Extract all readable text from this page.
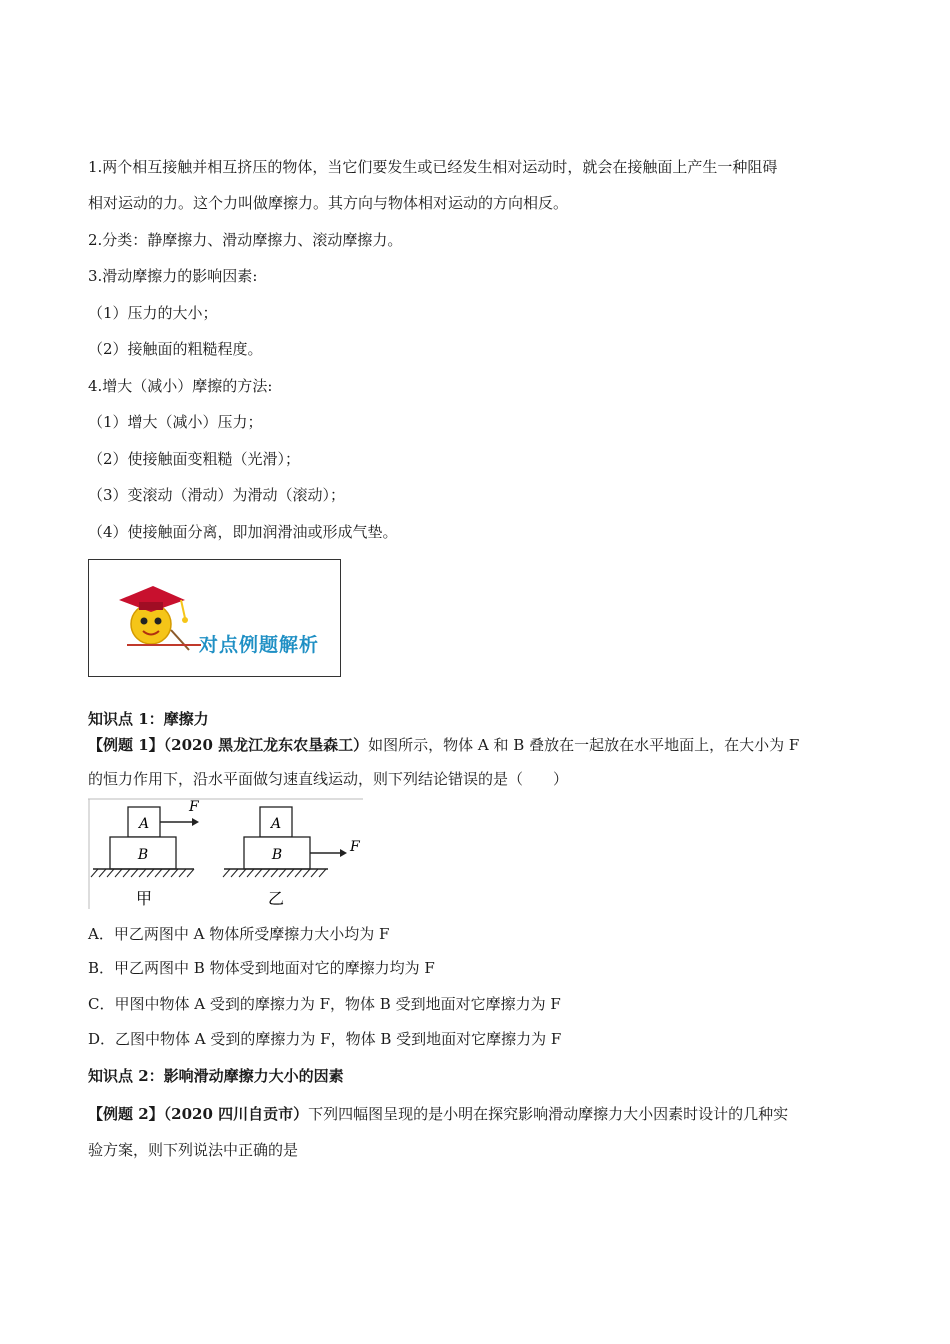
1.两个相互接触并相互挤压的物体，当它们要发生或已经发生相对运动时，就会在接触面上产生一种阻碍
相对运动的力。这个力叫做摩擦力。其方向与物体相对运动的方向相反。
2.分类：静摩擦力、滑动摩擦力、滚动摩擦力。
3.滑动摩擦力的影响因素:
（1）压力的大小；
（2）接触面的粗糙程度。
4.增大（减小）摩擦的方法:
（1）增大（减小）压力；
（2）使接触面变粗糙（光滑）；
（3）变滚动（滑动）为滑动（滚动）；
（4）使接触面分离，即加润滑油或形成气垫。
对点例题解析
知识点 1：摩擦力
【例题 1】（2020 黑龙江龙东农垦森工）如图所示，物体 A 和 B 叠放在一起放在水平地面上，在大小为 F
的恒力作用下，沿水平面做匀速直线运动，则下列结论错误的是（　　）
A
B
F
甲
A
B	F
乙
A．甲乙两图中 A 物体所受摩擦力大小均为 F
B．甲乙两图中 B 物体受到地面对它的摩擦力均为 F
C．甲图中物体 A 受到的摩擦力为 F，物体 B 受到地面对它摩擦力为 F
D．乙图中物体 A 受到的摩擦力为 F，物体 B 受到地面对它摩擦力为 F
知识点 2：影响滑动摩擦力大小的因素
【例题 2】（2020 四川自贡市）下列四幅图呈现的是小明在探究影响滑动摩擦力大小因素时设计的几种实
验方案，则下列说法中正确的是
